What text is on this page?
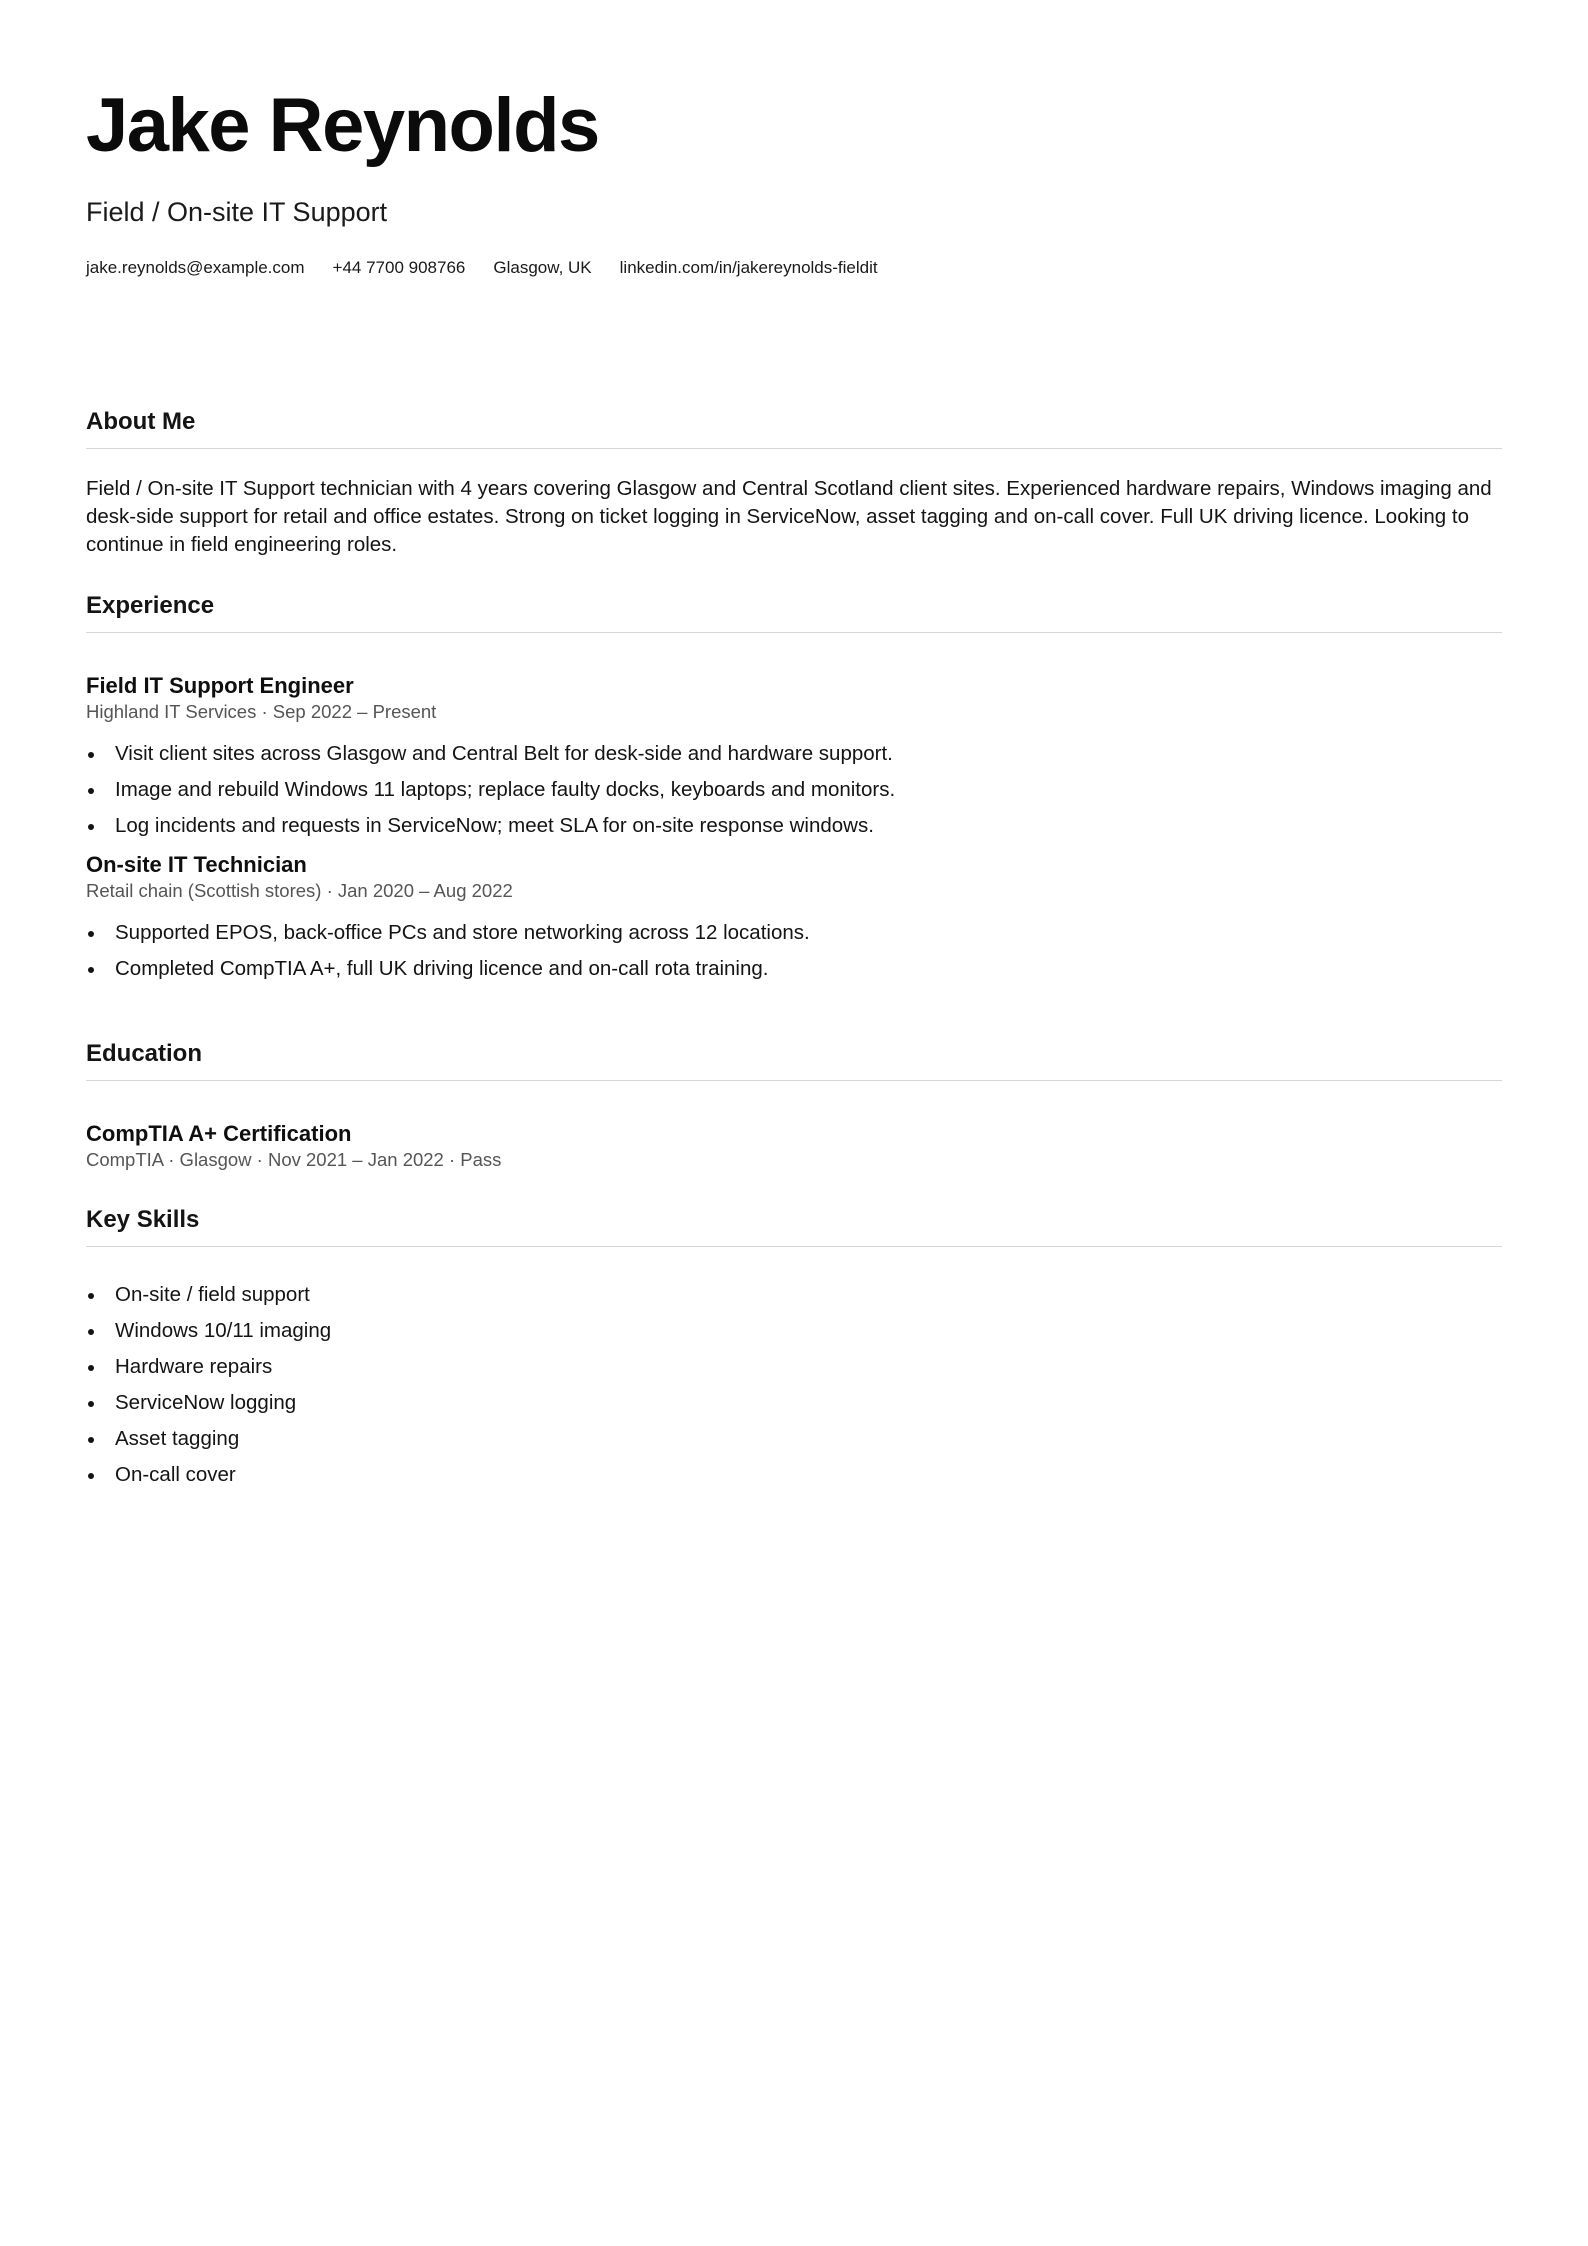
Jake Reynolds
Field / On-site IT Support
jake.reynolds@example.com +44 7700 908766 Glasgow, UK linkedin.com/in/jakereynolds-fieldit
About Me

Field / On-site IT Support technician with 4 years covering Glasgow and Central Scotland client sites. Experienced hardware repairs, Windows imaging and desk-side support for retail and office estates. Strong on ticket logging in ServiceNow, asset tagging and on-call cover. Full UK driving licence. Looking to continue in field engineering roles.

Experience
Field IT Support Engineer
Highland IT Services · Sep 2022 – Present
Visit client sites across Glasgow and Central Belt for desk-side and hardware support.
Image and rebuild Windows 11 laptops; replace faulty docks, keyboards and monitors.
Log incidents and requests in ServiceNow; meet SLA for on-site response windows.
On-site IT Technician
Retail chain (Scottish stores) · Jan 2020 – Aug 2022
Supported EPOS, back-office PCs and store networking across 12 locations.
Completed CompTIA A+, full UK driving licence and on-call rota training.
Education
CompTIA A+ Certification
CompTIA · Glasgow · Nov 2021 – Jan 2022 · Pass
Key Skills
On-site / field support
Windows 10/11 imaging
Hardware repairs
ServiceNow logging
Asset tagging
On-call cover
